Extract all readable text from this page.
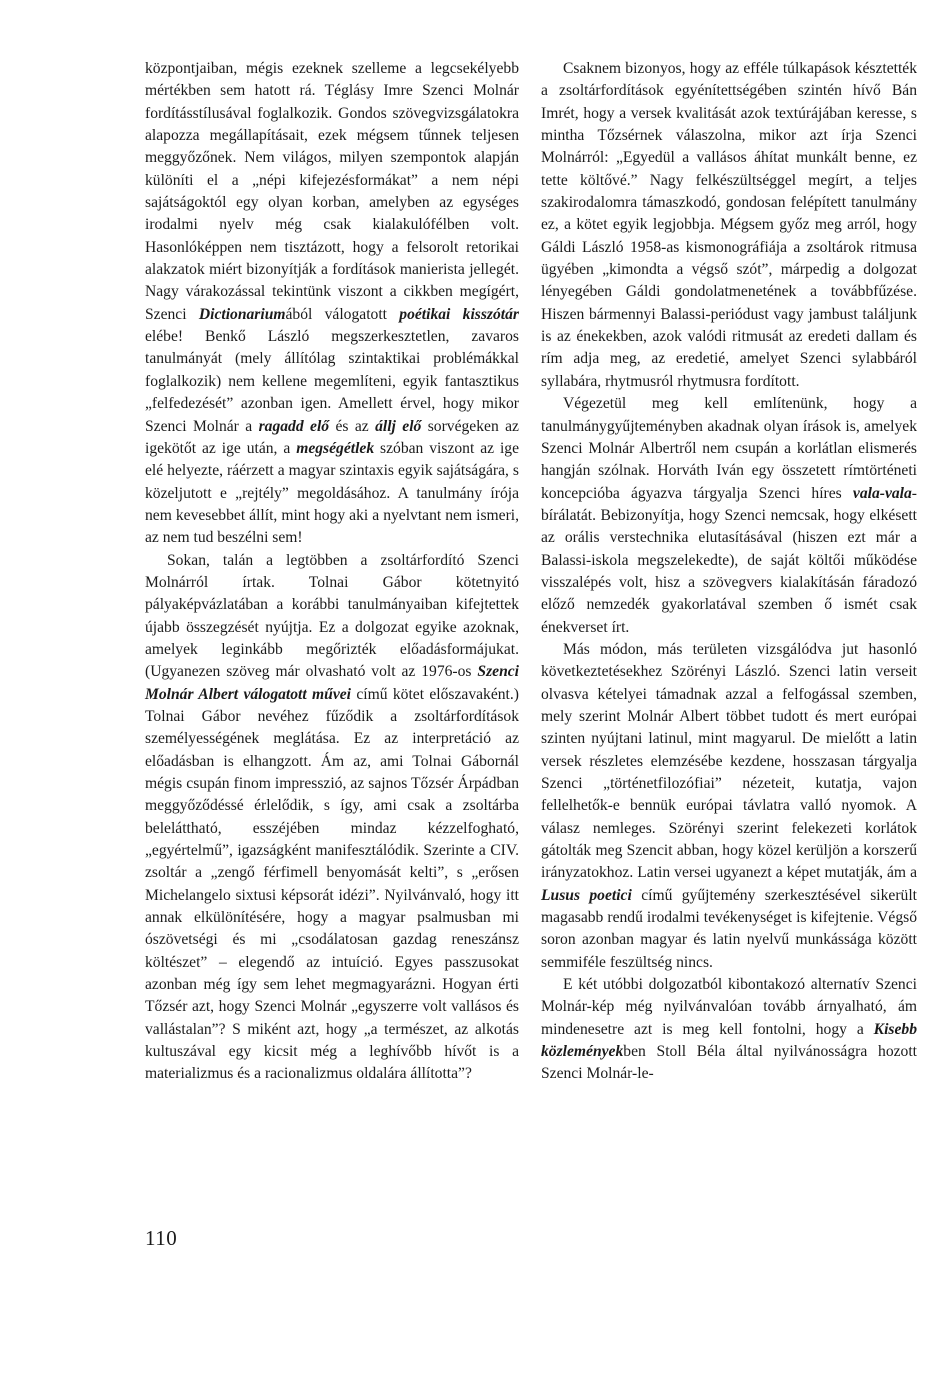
központjaiban, mégis ezeknek szelleme a legcsekélyebb mértékben sem hatott rá. Téglásy Imre Szenci Molnár fordításstílusával foglalkozik. Gondos szövegvizsgálatokra alapozza megállapításait, ezek mégsem tűnnek teljesen meggyőzőnek. Nem világos, milyen szempontok alapján különíti el a „népi kifejezésformákat” a nem népi sajátságoktól egy olyan korban, amelyben az egységes irodalmi nyelv még csak kialakulófélben volt. Hasonlóképpen nem tisztázott, hogy a felsorolt retorikai alakzatok miért bizonyítják a fordítások manierista jellegét. Nagy várakozással tekintünk viszont a cikkben megígért, Szenci Dictionariumából válogatott poétikai kisszótár elébe! Benkő László megszerkesztetlen, zavaros tanulmányát (mely állítólag szintaktikai problémákkal foglalkozik) nem kellene megemlíteni, egyik fantasztikus „felfedezését” azonban igen. Amellett érvel, hogy mikor Szenci Molnár a ragadd elő és az állj elő sorvégeken az igekötőt az ige után, a megségétlek szóban viszont az ige elé helyezte, ráérzett a magyar szintaxis egyik sajátságára, s közeljutott e „rejtély” megoldásához. A tanulmány írója nem kevesebbet állít, mint hogy aki a nyelvtant nem ismeri, az nem tud beszélni sem!

Sokan, talán a legtöbben a zsoltárfordító Szenci Molnárról írtak. Tolnai Gábor kötetnyitó pályaképvázlatában a korábbi tanulmányaiban kifejtettek újabb összegzését nyújtja. Ez a dolgozat egyike azoknak, amelyek leginkább megőrizték előadásformájukat. (Ugyanezen szöveg már olvasható volt az 1976-os Szenci Molnár Albert válogatott művei című kötet előszavaként.) Tolnai Gábor nevéhez fűződik a zsoltárfordítások személyességének meglátása. Ez az interpretáció az előadásban is elhangzott. Ám az, ami Tolnai Gábornál mégis csupán finom impresszió, az sajnos Tőzsér Árpádban meggyőződéssé érlelődik, s így, ami csak a zsoltárba beleláttható, esszéjében mindaz kézzelfogható, „egyértelmű”, igazságként manifesztálódik. Szerinte a CIV. zsoltár a „zengő férfimell benyomását kelti”, s „erősen Michelangelo sixtusi képsorát idézi”. Nyilvánvaló, hogy itt annak elkülönítésére, hogy a magyar psalmusban mi ószövetségi és mi „csodálatosan gazdag reneszánsz költészet” – elegendő az intuíció. Egyes passzusokat azonban még így sem lehet megmagyarázni. Hogyan érti Tőzsér azt, hogy Szenci Molnár „egyszerre volt vallásos és vallástalan”? S miként azt, hogy „a természet, az alkotás kultuszával egy kicsit még a leghívőbb hívőt is a materializmus és a racionalizmus oldalára állította”?

Csaknem bizonyos, hogy az efféle túlkapások késztették a zsoltárfordítások egyénítettségében szintén hívő Bán Imrét, hogy a versek kvalitását azok textúrájában keresse, s mintha Tőzsérnek válaszolna, mikor azt írja Szenci Molnárról: „Egyedül a vallásos áhítat munkált benne, ez tette költővé.” Nagy felkészültséggel megírt, a teljes szakirodalomra támaszkodó, gondosan felépített tanulmány ez, a kötet egyik legjobbja. Mégsem győz meg arról, hogy Gáldi László 1958-as kismonográfiája a zsoltárok ritmusa ügyében „kimondta a végső szót”, márpedig a dolgozat lényegében Gáldi gondolatmenetének a továbbfűzése. Hiszen bármennyi Balassi-periódust vagy jambust találjunk is az énekekben, azok valódi ritmusát az eredeti dallam és rím adja meg, az eredetié, amelyet Szenci sylabbáról syllabára, rhytmusról rhytmusra fordított.

Végezetül meg kell említenünk, hogy a tanulmánygyűjteményben akadnak olyan írások is, amelyek Szenci Molnár Albertről nem csupán a korlátlan elismerés hangján szólnak. Horváth Iván egy összetett rímtörténeti koncepcióba ágyazva tárgyalja Szenci híres vala-vala-bírálatát. Bebizonyítja, hogy Szenci nemcsak, hogy elkésett az orális verstechnika elutasításával (hiszen ezt már a Balassi-iskola megszelekedte), de saját költői működése visszalépés volt, hisz a szövegvers kialakításán fáradozó előző nemzedék gyakorlatával szemben ő ismét csak énekverset írt.

Más módon, más területen vizsgálódva jut hasonló következtetésekhez Szörényi László. Szenci latin verseit olvasva kételyei támadnak azzal a felfogással szemben, mely szerint Molnár Albert többet tudott és mert európai szinten nyújtani latinul, mint magyarul. De mielőtt a latin versek részletes elemzésébe kezdene, hosszasan tárgyalja Szenci „történetfilozófiai” nézeteit, kutatja, vajon fellelhetők-e bennük európai távlatra valló nyomok. A válasz nemleges. Szörényi szerint felekezeti korlátok gátolták meg Szencit abban, hogy közel kerüljön a korszerű irányzatokhoz. Latin versei ugyanezt a képet mutatják, ám a Lusus poetici című gyűjtemény szerkesztésével sikerült magasabb rendű irodalmi tevékenységet is kifejtenie. Végső soron azonban magyar és latin nyelvű munkássága között semmiféle feszültség nincs.

E két utóbbi dolgozatból kibontakozó alternatív Szenci Molnár-kép még nyilvánvalóan tovább árnyalható, ám mindenesetre azt is meg kell fontolni, hogy a Kisebb közleményekben Stoll Béla által nyilvánosságra hozott Szenci Molnár-le-

110
